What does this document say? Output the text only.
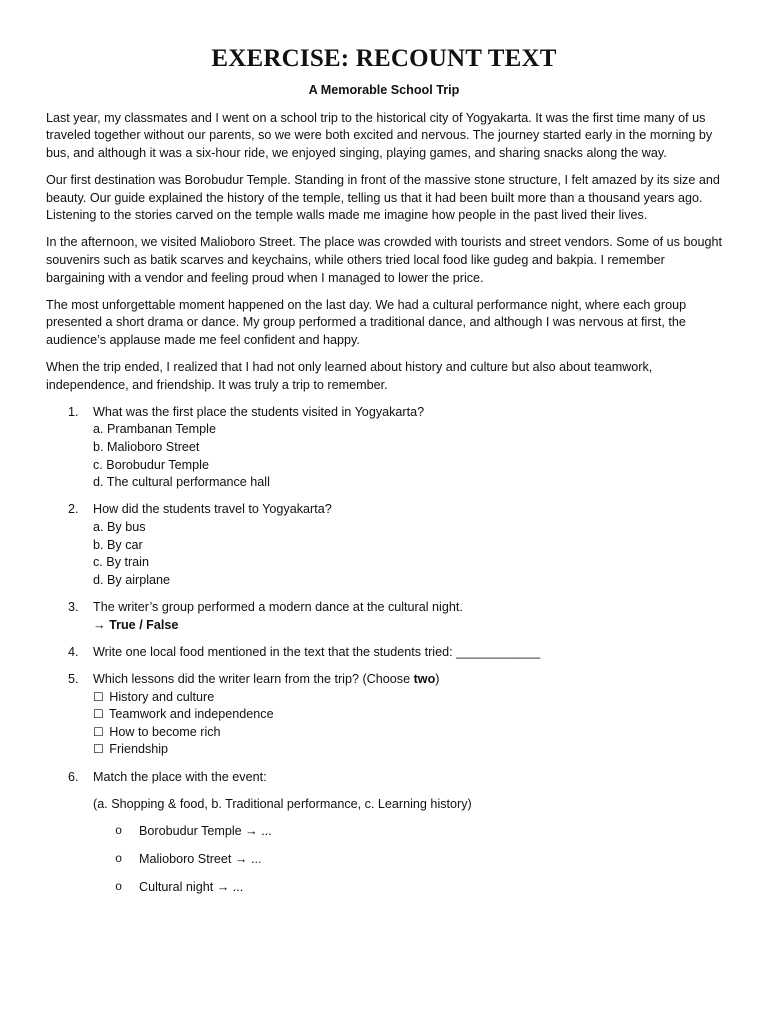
EXERCISE: RECOUNT TEXT
A Memorable School Trip

Last year, my classmates and I went on a school trip to the historical city of Yogyakarta. It was the first time many of us traveled together without our parents, so we were both excited and nervous. The journey started early in the morning by bus, and although it was a six-hour ride, we enjoyed singing, playing games, and sharing snacks along the way.

Our first destination was Borobudur Temple. Standing in front of the massive stone structure, I felt amazed by its size and beauty. Our guide explained the history of the temple, telling us that it had been built more than a thousand years ago. Listening to the stories carved on the temple walls made me imagine how people in the past lived their lives.

In the afternoon, we visited Malioboro Street. The place was crowded with tourists and street vendors. Some of us bought souvenirs such as batik scarves and keychains, while others tried local food like gudeg and bakpia. I remember bargaining with a vendor and feeling proud when I managed to lower the price.

The most unforgettable moment happened on the last day. We had a cultural performance night, where each group presented a short drama or dance. My group performed a traditional dance, and although I was nervous at first, the audience’s applause made me feel confident and happy.

When the trip ended, I realized that I had not only learned about history and culture but also about teamwork, independence, and friendship. It was truly a trip to remember.

1. What was the first place the students visited in Yogyakarta?
a. Prambanan Temple
b. Malioboro Street
c. Borobudur Temple
d. The cultural performance hall
2. How did the students travel to Yogyakarta?
a. By bus
b. By car
c. By train
d. By airplane
3. The writer’s group performed a modern dance at the cultural night.
→ True / False
4. Write one local food mentioned in the text that the students tried: ____________
5. Which lessons did the writer learn from the trip? (Choose two)
☐ History and culture
☐ Teamwork and independence
☐ How to become rich
☐ Friendship
6. Match the place with the event:
(a. Shopping & food, b. Traditional performance, c. Learning history)
o Borobudur Temple → ...
o Malioboro Street → ...
o Cultural night → ...
